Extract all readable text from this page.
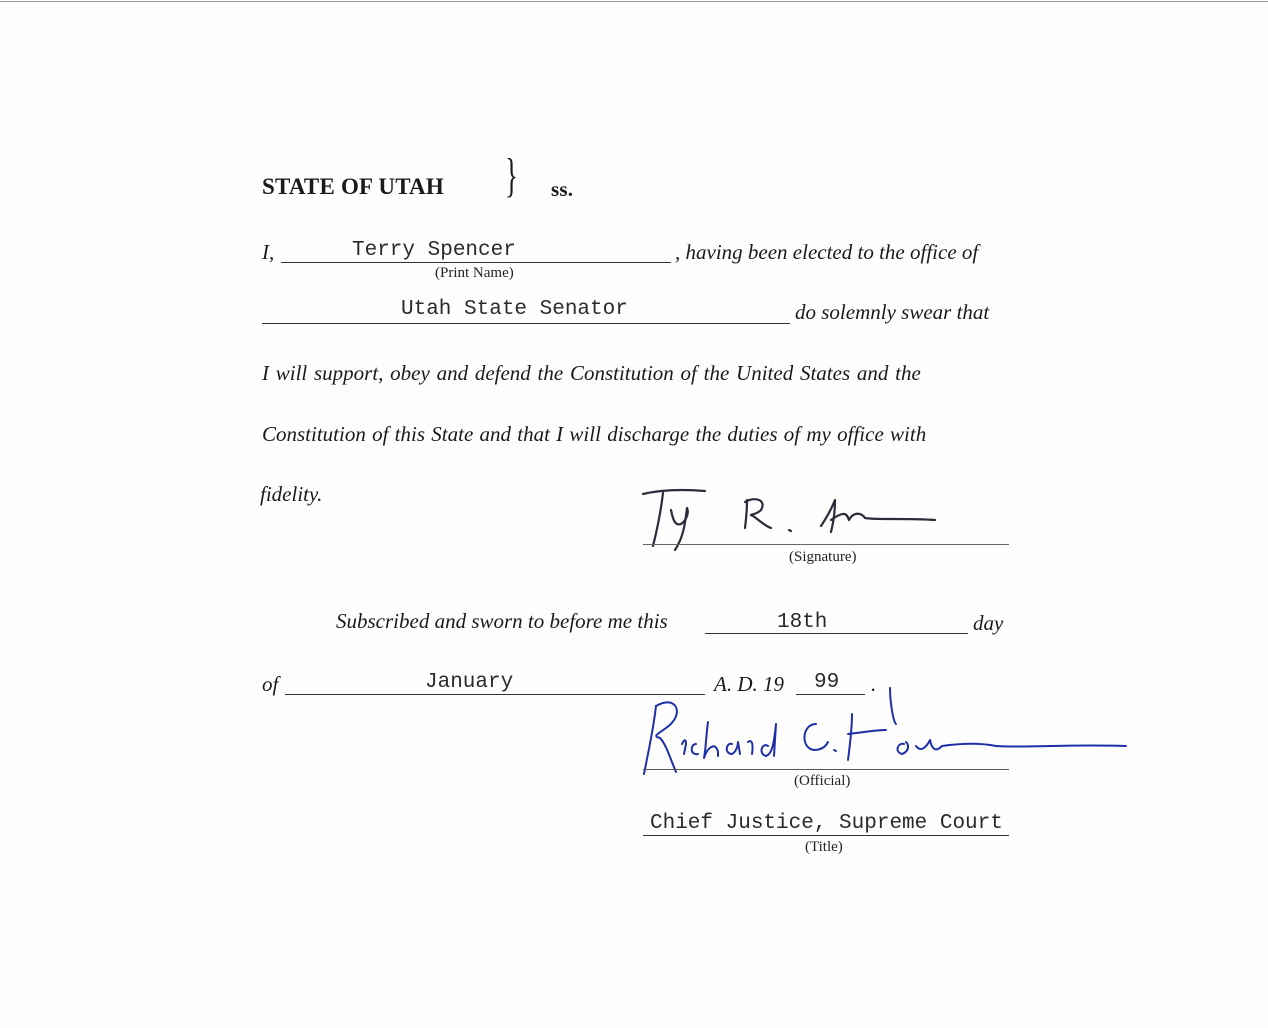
STATE OF UTAH } ss.
I,	Terry Spencer
(Print Name)
, having been elected to the office of
Utah State Senator	do solemnly swear that
I will support, obey and defend the Constitution of the United States and the
Constitution of this State and that I will discharge the duties of my office with
fidelity.
(Signature)
Subscribed and sworn to before me this	18th	day
of	January	A. D. 19 99 .
(Official)
Chief Justice, Supreme Court
(Title)
